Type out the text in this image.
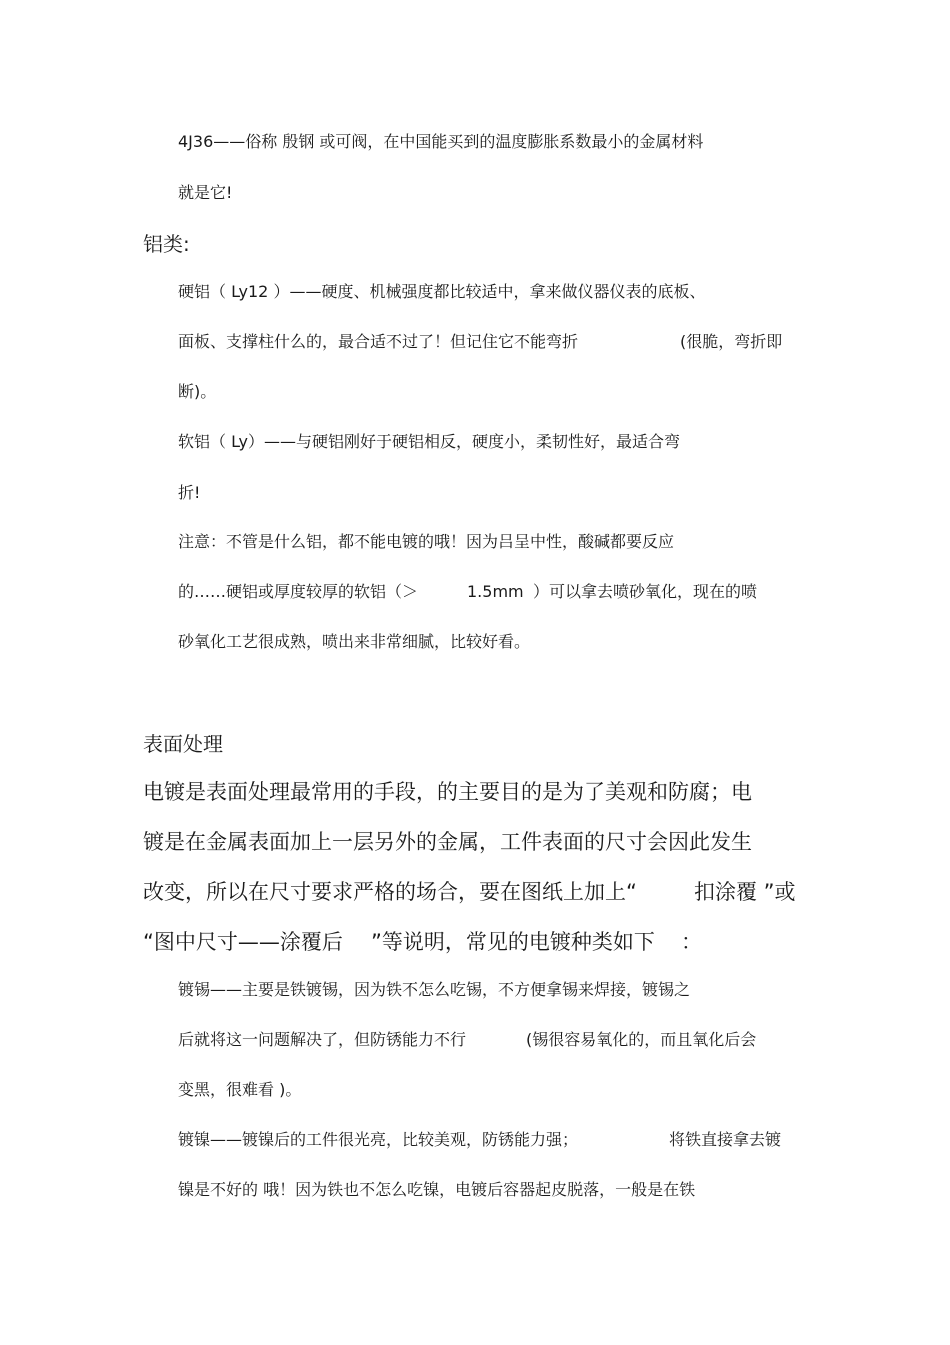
4J36——俗称 殷钢 或可阀，在中国能买到的温度膨胀系数最小的金属材料

就是它!

铝类:

硬铝（ Ly12 ）——硬度、机械强度都比较适中，拿来做仪器仪表的底板、

面板、支撑柱什么的，最合适不过了！但记住它不能弯折	(很脆，弯折即

断)。

软铝（ Ly）——与硬铝刚好于硬铝相反，硬度小，柔韧性好，最适合弯

折!

注意：不管是什么铝，都不能电镀的哦！因为吕呈中性，酸碱都要反应

的……硬铝或厚度较厚的软铝（＞	1.5mm ）可以拿去喷砂氧化，现在的喷

砂氧化工艺很成熟，喷出来非常细腻，比较好看。

表面处理

电镀是表面处理最常用的手段，的主要目的是为了美观和防腐；电

镀是在金属表面加上一层另外的金属，工件表面的尺寸会因此发生

改变，所以在尺寸要求严格的场合，要在图纸上加上“	扣涂覆 ”或
“图中尺寸——涂覆后 ”等说明，常见的电镀种类如下 ：

镀锡——主要是铁镀锡，因为铁不怎么吃锡，不方便拿锡来焊接，镀锡之

后就将这一问题解决了，但防锈能力不行	(锡很容易氧化的，而且氧化后会

变黑，很难看 )。

镀镍——镀镍后的工件很光亮，比较美观，防锈能力强；	将铁直接拿去镀

镍是不好的 哦！因为铁也不怎么吃镍，电镀后容器起皮脱落，一般是在铁
